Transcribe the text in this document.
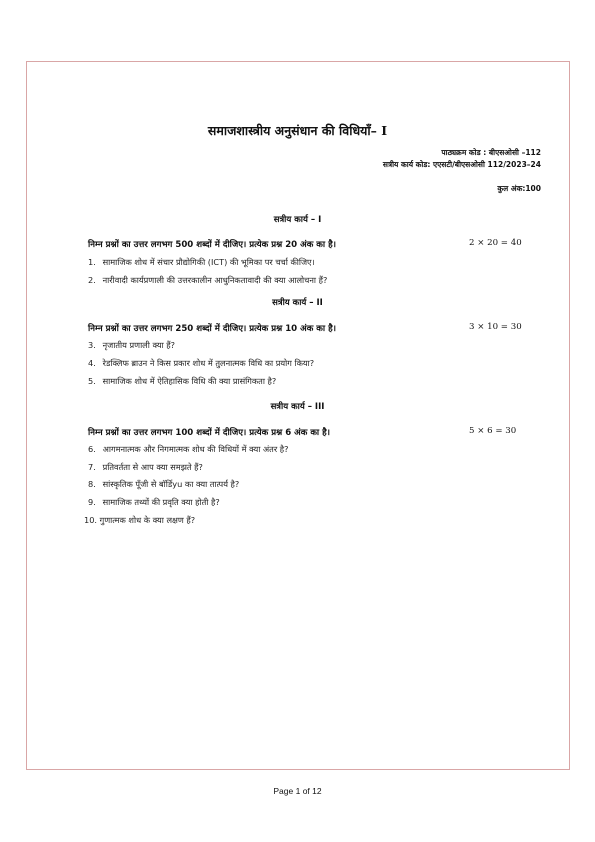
समाजशास्त्रीय अनुसंधान की विधियाँ– I
पाठ्यक्रम कोड : बीएसओसी –112
सत्रीय कार्य कोड: एएसटी/बीएसओसी 112/2023–24
कुल अंक:100
सत्रीय कार्य – I
निम्न प्रश्नों का उत्तर लगभग 500 शब्दों में दीजिए। प्रत्येक प्रश्न 20 अंक का है।	2 × 20 = 40
1. सामाजिक शोध में संचार प्रौद्योगिकी (ICT) की भूमिका पर चर्चा कीजिए।
2. नारीवादी कार्यप्रणाली की उत्तरकालीन आधुनिकतावादी की क्या आलोचना हैं?
सत्रीय कार्य – II
निम्न प्रश्नों का उत्तर लगभग 250 शब्दों में दीजिए। प्रत्येक प्रश्न 10 अंक का है।	3 × 10 = 30
3. नृजातीय प्रणाली क्या हैं?
4. रेडक्लिफ ब्राउन ने किस प्रकार शोध में तुलनात्मक विधि का प्रयोग किया?
5. सामाजिक शोध में ऐतिहासिक विधि की क्या प्रासंगिकता है?
सत्रीय कार्य – III
निम्न प्रश्नों का उत्तर लगभग 100 शब्दों में दीजिए। प्रत्येक प्रश्न 6 अंक का है।	5 × 6 = 30
6. आगमनात्मक और निगमात्मक शोध की विधियों में क्या अंतर है?
7. प्रतिवर्तता से आप क्या समझते हैं?
8. सांस्कृतिक पूँजी से बॉर्डिyu का क्या तात्पर्य है?
9. सामाजिक तथ्यों की प्रवृति क्या होती है?
10. गुणात्मक शोध के क्या लक्षण हैं?
Page 1 of 12
